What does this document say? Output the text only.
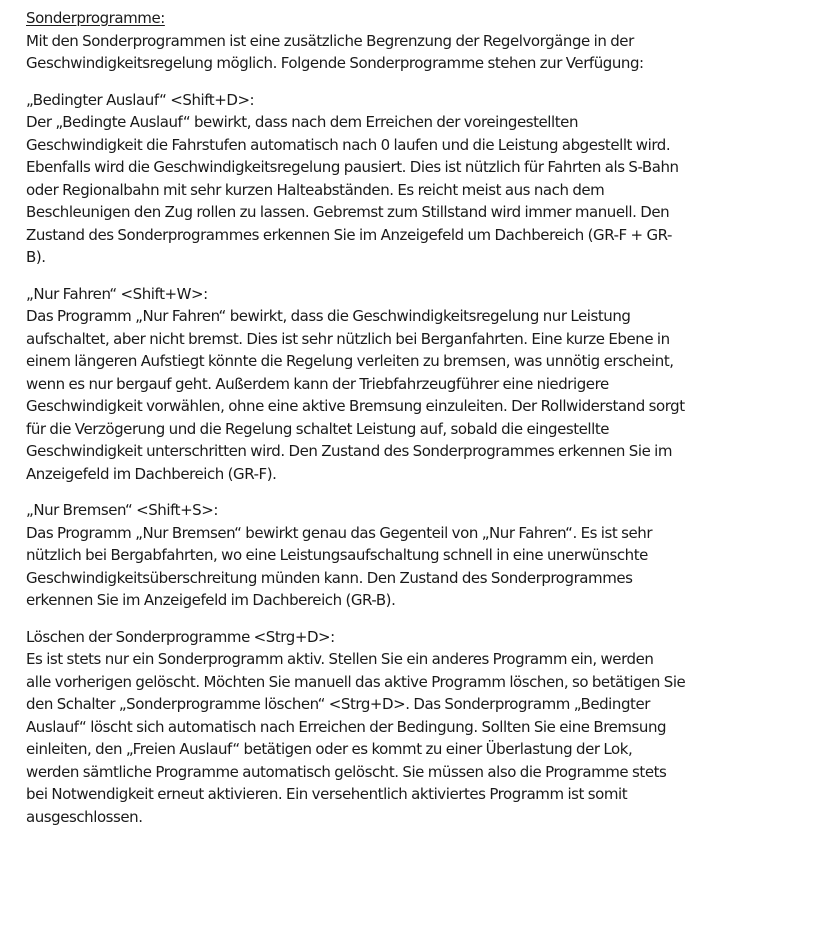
Sonderprogramme:
Mit den Sonderprogrammen ist eine zusätzliche Begrenzung der Regelvorgänge in der
Geschwindigkeitsregelung möglich. Folgende Sonderprogramme stehen zur Verfügung:
„Bedingter Auslauf“ <Shift+D>:
Der „Bedingte Auslauf“ bewirkt, dass nach dem Erreichen der voreingestellten
Geschwindigkeit die Fahrstufen automatisch nach 0 laufen und die Leistung abgestellt wird.
Ebenfalls wird die Geschwindigkeitsregelung pausiert. Dies ist nützlich für Fahrten als S-Bahn
oder Regionalbahn mit sehr kurzen Halteabständen. Es reicht meist aus nach dem
Beschleunigen den Zug rollen zu lassen. Gebremst zum Stillstand wird immer manuell. Den
Zustand des Sonderprogrammes erkennen Sie im Anzeigefeld um Dachbereich (GR-F + GR-
B).
„Nur Fahren“ <Shift+W>:
Das Programm „Nur Fahren“ bewirkt, dass die Geschwindigkeitsregelung nur Leistung
aufschaltet, aber nicht bremst. Dies ist sehr nützlich bei Berganfahrten. Eine kurze Ebene in
einem längeren Aufstiegt könnte die Regelung verleiten zu bremsen, was unnötig erscheint,
wenn es nur bergauf geht. Außerdem kann der Triebfahrzeugführer eine niedrigere
Geschwindigkeit vorwählen, ohne eine aktive Bremsung einzuleiten. Der Rollwiderstand sorgt
für die Verzögerung und die Regelung schaltet Leistung auf, sobald die eingestellte
Geschwindigkeit unterschritten wird. Den Zustand des Sonderprogrammes erkennen Sie im
Anzeigefeld im Dachbereich (GR-F).
„Nur Bremsen“ <Shift+S>:
Das Programm „Nur Bremsen“ bewirkt genau das Gegenteil von „Nur Fahren“. Es ist sehr
nützlich bei Bergabfahrten, wo eine Leistungsaufschaltung schnell in eine unerwünschte
Geschwindigkeitsüberschreitung münden kann. Den Zustand des Sonderprogrammes
erkennen Sie im Anzeigefeld im Dachbereich (GR-B).
Löschen der Sonderprogramme <Strg+D>:
Es ist stets nur ein Sonderprogramm aktiv. Stellen Sie ein anderes Programm ein, werden
alle vorherigen gelöscht. Möchten Sie manuell das aktive Programm löschen, so betätigen Sie
den Schalter „Sonderprogramme löschen“ <Strg+D>. Das Sonderprogramm „Bedingter
Auslauf“ löscht sich automatisch nach Erreichen der Bedingung. Sollten Sie eine Bremsung
einleiten, den „Freien Auslauf“ betätigen oder es kommt zu einer Überlastung der Lok,
werden sämtliche Programme automatisch gelöscht. Sie müssen also die Programme stets
bei Notwendigkeit erneut aktivieren. Ein versehentlich aktiviertes Programm ist somit
ausgeschlossen.
